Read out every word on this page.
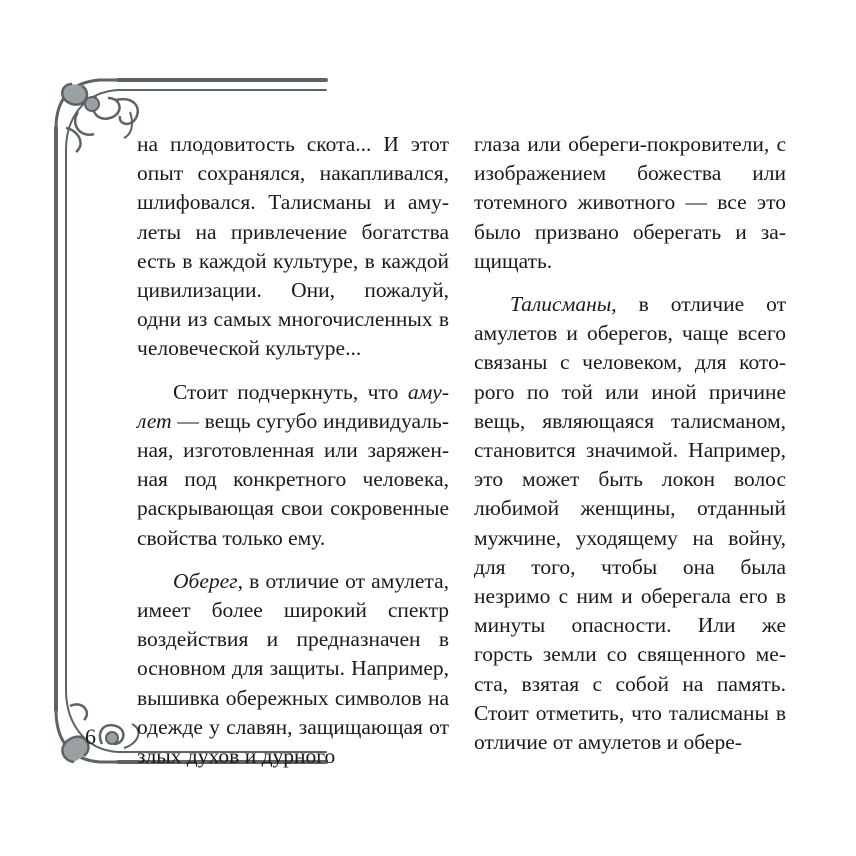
на плодовитость скота... И этот опыт сохранялся, накапливался, шлифовался. Талисманы и амулеты на привлечение богатства есть в каждой культуре, в каждой цивилизации. Они, пожалуй, одни из самых многочисленных в человеческой культуре...

Стоит подчеркнуть, что амулет — вещь сугубо индивидуальная, изготовленная или заряженная под конкретного человека, раскрывающая свои сокровенные свойства только ему.

Оберег, в отличие от амулета, имеет более широкий спектр воздействия и предназначен в основном для защиты. Например, вышивка обережных символов на одежде у славян, защищающая от злых духов и дурного

глаза или обереги-покровители, с изображением божества или тотемного животного — все это было призвано оберегать и защищать.

Талисманы, в отличие от амулетов и оберегов, чаще всего связаны с человеком, для которого по той или иной причине вещь, являющаяся талисманом, становится значимой. Например, это может быть локон волос любимой женщины, отданный мужчине, уходящему на войну, для того, чтобы она была незримо с ним и оберегала его в минуты опасности. Или же горсть земли со священного места, взятая с собой на память. Стоит отметить, что талисманы в отличие от амулетов и обере-

6
